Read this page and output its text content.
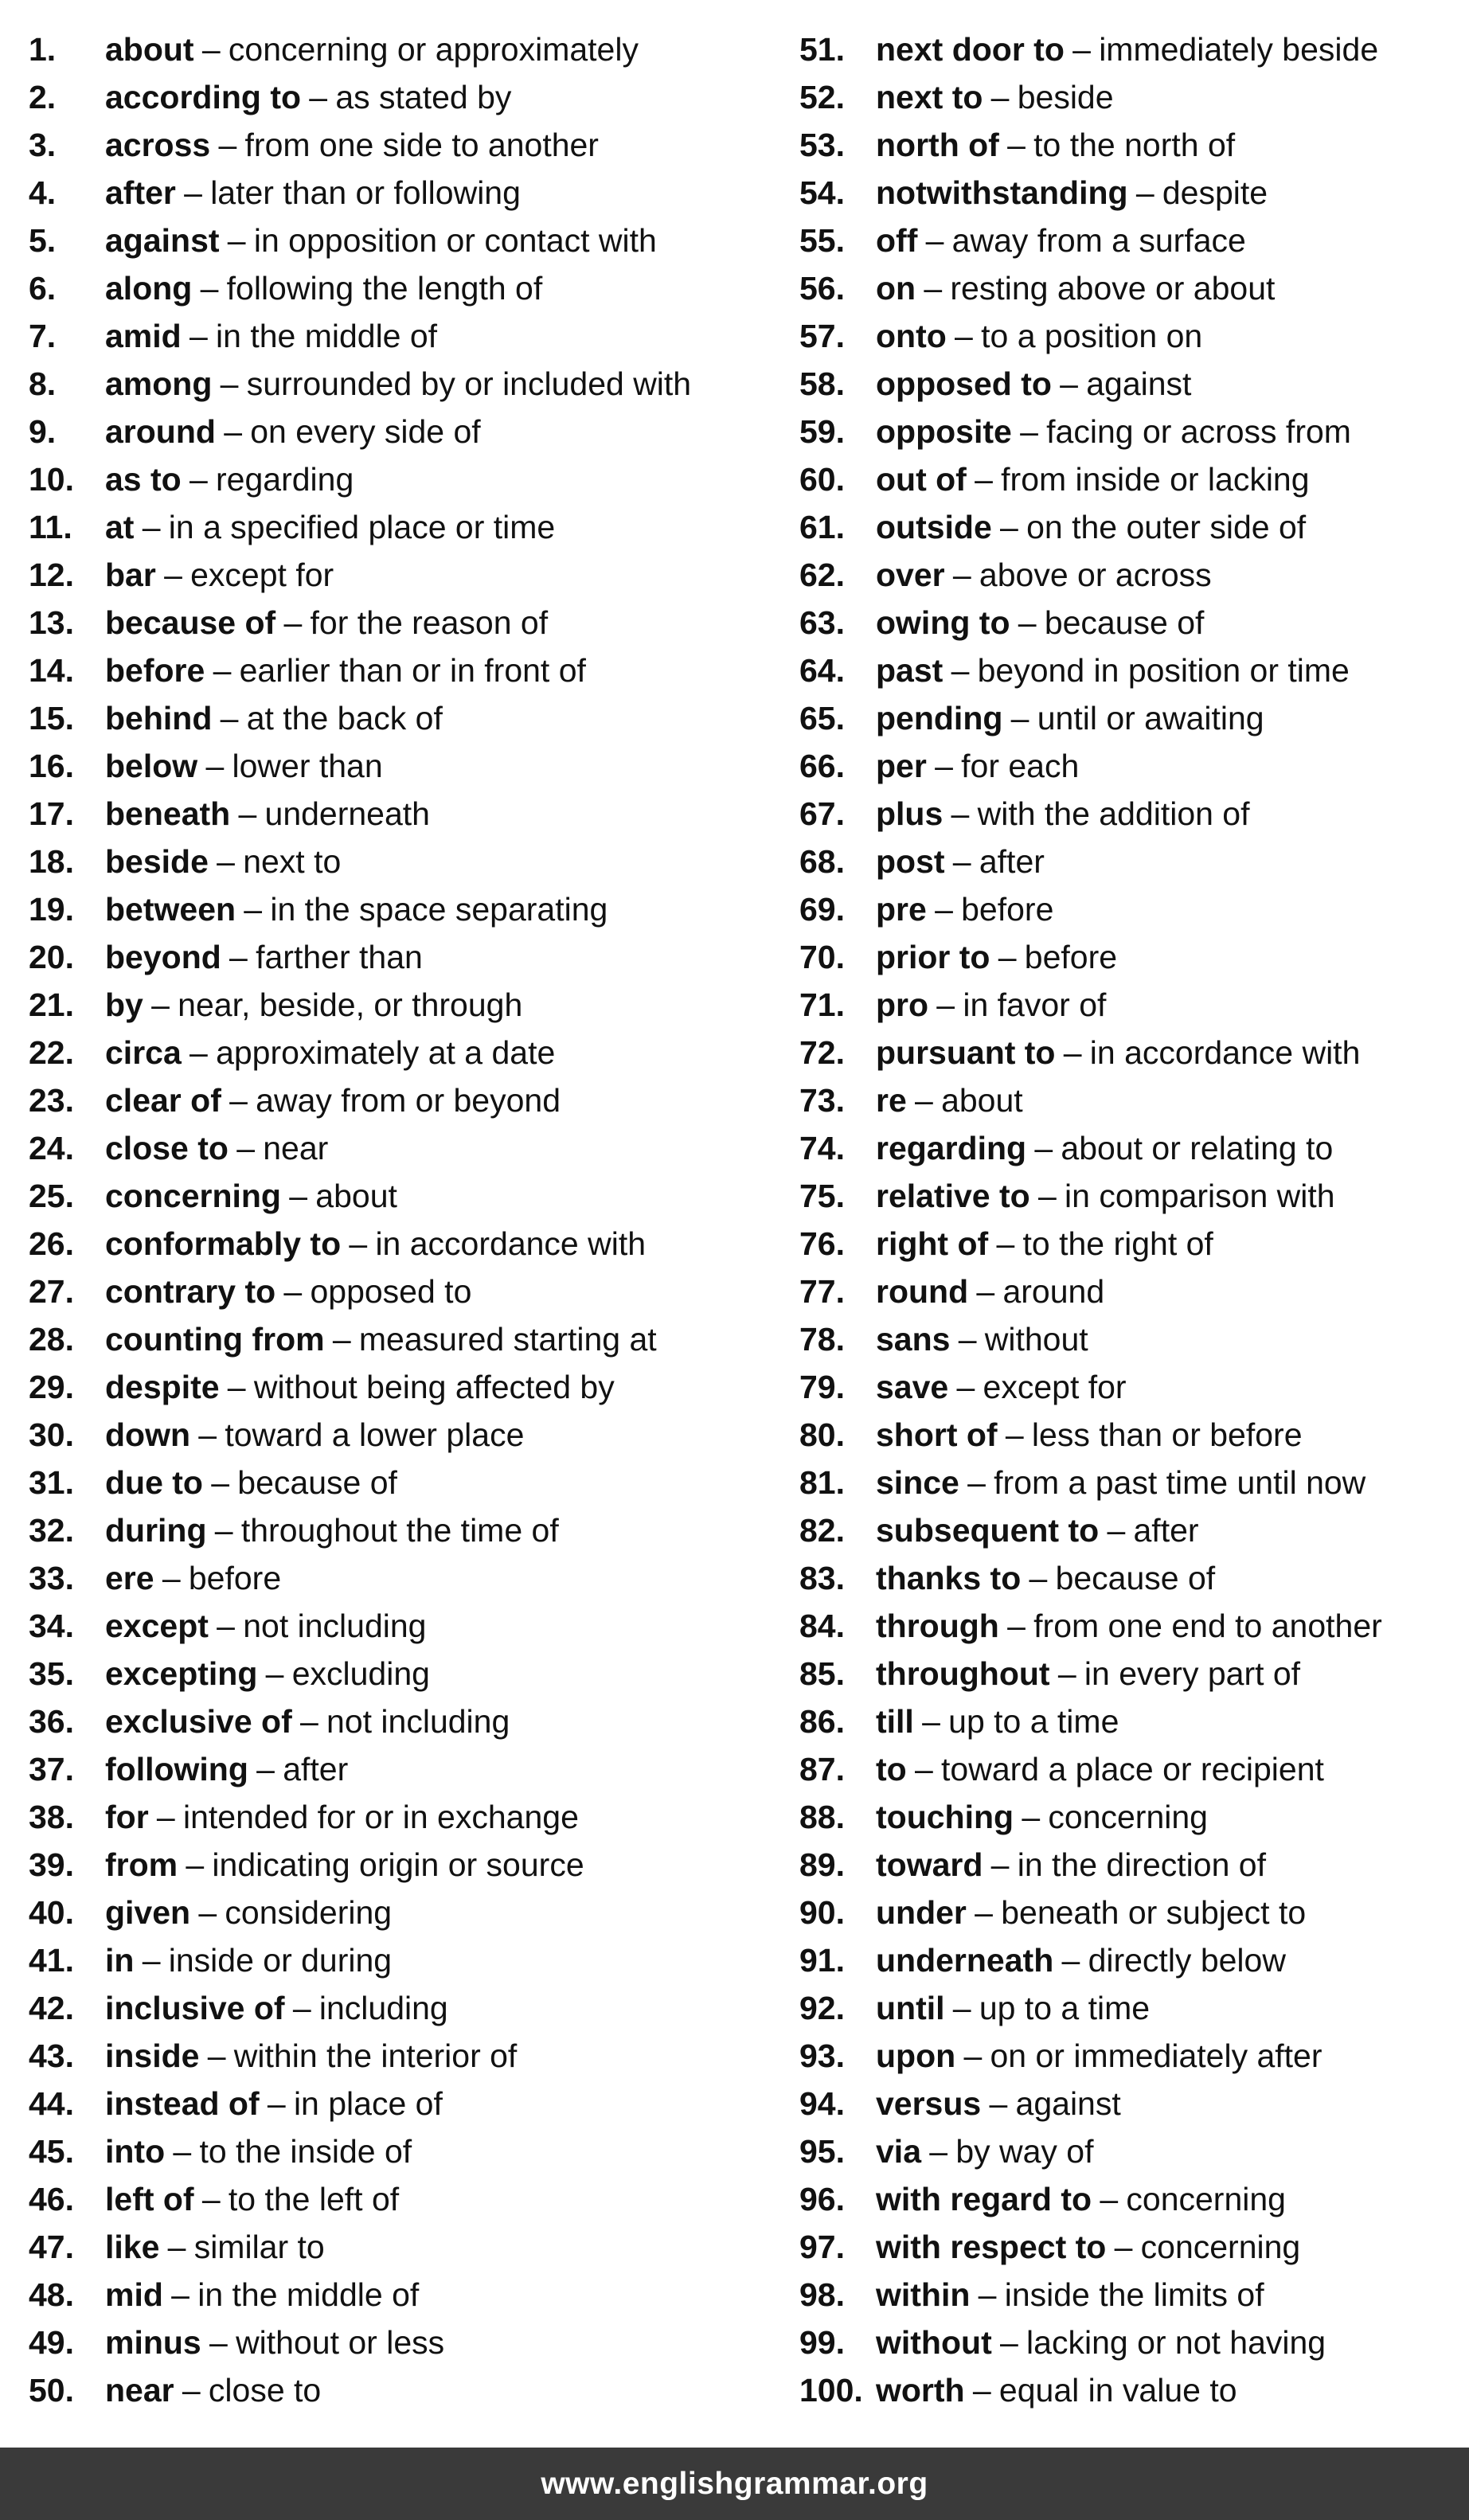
1.	about – concerning or approximately
2.	according to – as stated by
3.	across – from one side to another
4.	after – later than or following
5.	against – in opposition or contact with
6.	along – following the length of
7.	amid – in the middle of
8.	among – surrounded by or included with
9.	around – on every side of
10. as to – regarding
11.	at – in a specified place or time
12. bar – except for
13. because of – for the reason of
14. before – earlier than or in front of
15. behind – at the back of
16. below – lower than
17. beneath – underneath
18. beside – next to
19. between – in the space separating
20. beyond – farther than
21. by – near, beside, or through
22. circa – approximately at a date
23. clear of – away from or beyond
24. close to – near
25. concerning – about
26. conformably to – in accordance with
27. contrary to – opposed to
28. counting from – measured starting at
29. despite – without being affected by
30. down – toward a lower place
31. due to – because of
32. during – throughout the time of
33. ere – before
34. except – not including
35. excepting – excluding
36. exclusive of – not including
37. following – after
38. for – intended for or in exchange
39. from – indicating origin or source
40. given – considering
41. in – inside or during
42. inclusive of – including
43. inside – within the interior of
44. instead of – in place of
45. into – to the inside of
46. left of – to the left of
47. like – similar to
48. mid – in the middle of
49. minus – without or less
50. near – close to
51. next door to – immediately beside
52. next to – beside
53. north of – to the north of
54. notwithstanding – despite
55. off – away from a surface
56. on – resting above or about
57. onto – to a position on
58. opposed to – against
59. opposite – facing or across from
60. out of – from inside or lacking
61. outside – on the outer side of
62. over – above or across
63. owing to – because of
64. past – beyond in position or time
65. pending – until or awaiting
66. per – for each
67. plus – with the addition of
68. post – after
69. pre – before
70. prior to – before
71. pro – in favor of
72. pursuant to – in accordance with
73. re – about
74. regarding – about or relating to
75. relative to – in comparison with
76. right of – to the right of
77. round – around
78. sans – without
79. save – except for
80. short of – less than or before
81. since – from a past time until now
82. subsequent to – after
83. thanks to – because of
84. through – from one end to another
85. throughout – in every part of
86. till – up to a time
87. to – toward a place or recipient
88. touching – concerning
89. toward – in the direction of
90. under – beneath or subject to
91. underneath – directly below
92. until – up to a time
93. upon – on or immediately after
94. versus – against
95. via – by way of
96. with regard to – concerning
97. with respect to – concerning
98. within – inside the limits of
99. without – lacking or not having
100. worth – equal in value to
www.englishgrammar.org
